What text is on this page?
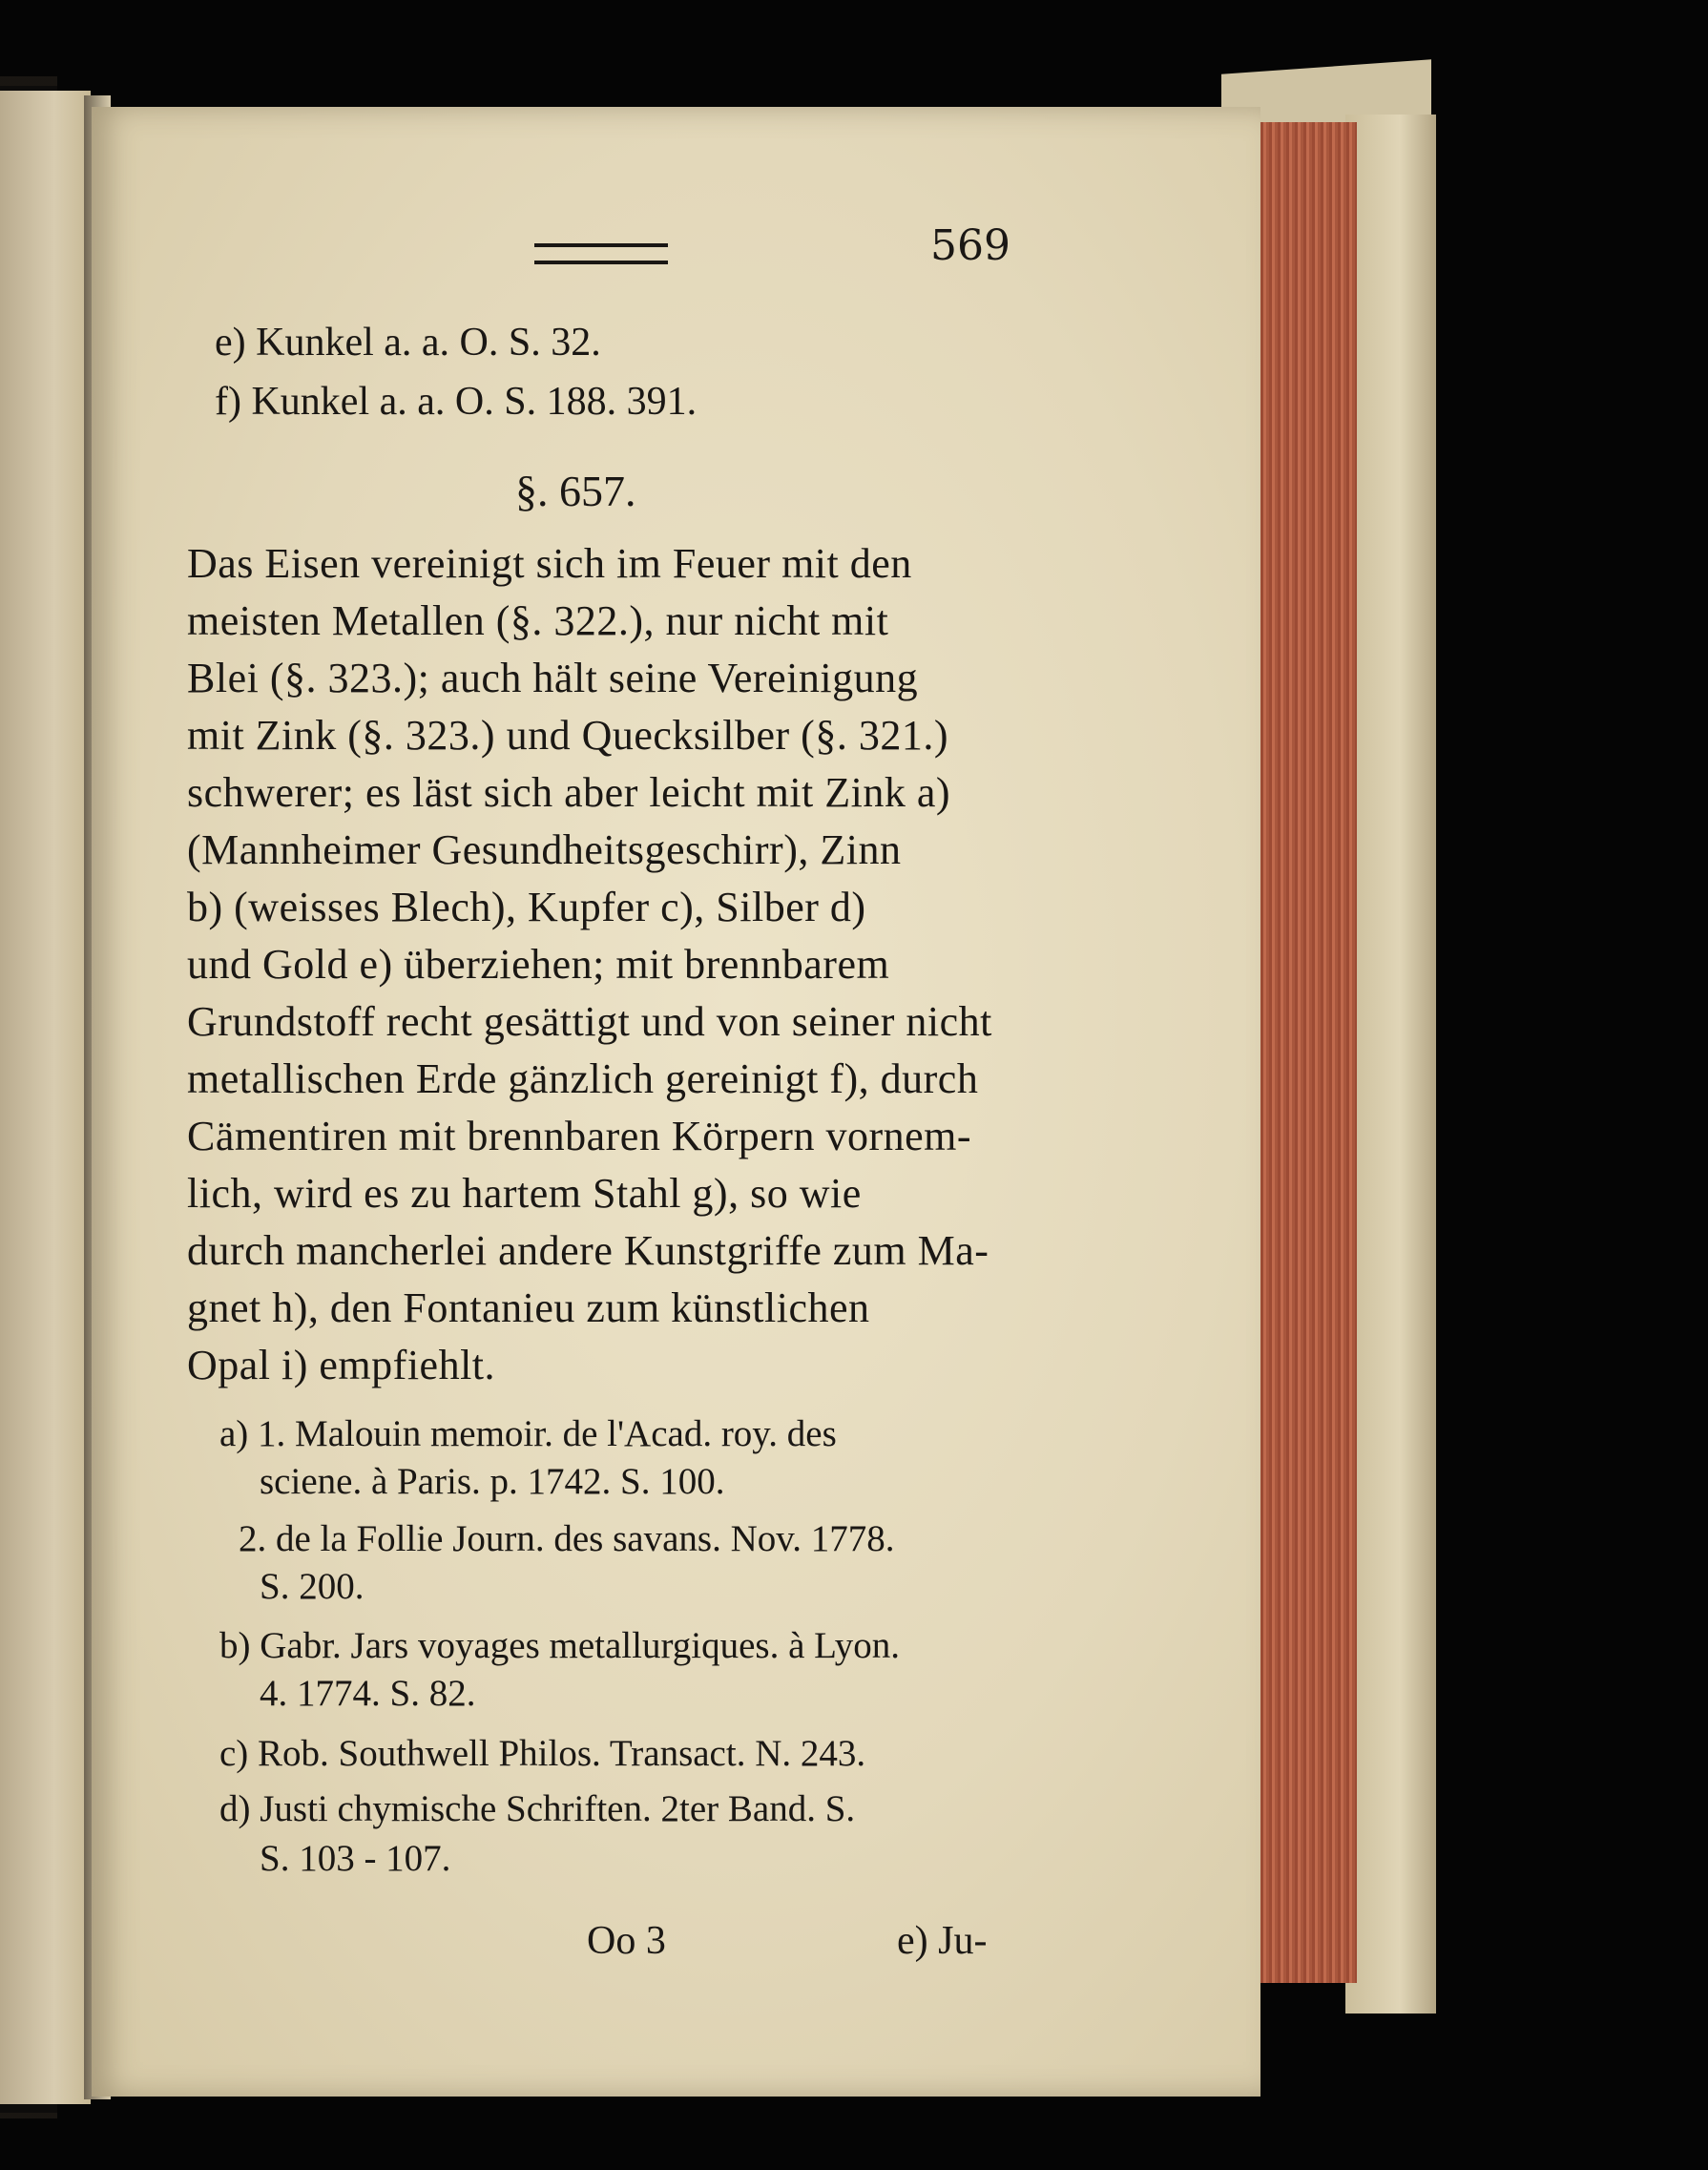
569
e) Kunkel a. a. O. S. 32.
f) Kunkel a. a. O. S. 188. 391.
§. 657.
Das Eisen vereinigt sich im Feuer mit den
meisten Metallen (§. 322.), nur nicht mit
Blei (§. 323.); auch hält seine Vereinigung
mit Zink (§. 323.) und Quecksilber (§. 321.)
schwerer; es läst sich aber leicht mit Zink a)
(Mannheimer Gesundheitsgeschirr), Zinn
b) (weisses Blech), Kupfer c), Silber d)
und Gold e) überziehen; mit brennbarem
Grundstoff recht gesättigt und von seiner nicht
metallischen Erde gänzlich gereinigt f), durch
Cämentiren mit brennbaren Körpern vornem-
lich, wird es zu hartem Stahl g), so wie
durch mancherlei andere Kunstgriffe zum Ma-
gnet h), den Fontanieu zum künstlichen
Opal i) empfiehlt.
a) 1. Malouin memoir. de l'Acad. roy. des
sciene. à Paris. p. 1742. S. 100.
2. de la Follie Journ. des savans. Nov. 1778.
S. 200.
b) Gabr. Jars voyages metallurgiques. à Lyon.
4. 1774. S. 82.
c) Rob. Southwell Philos. Transact. N. 243.
d) Justi chymische Schriften. 2ter Band. S.
S. 103 - 107.
Oo 3	e) Ju-
